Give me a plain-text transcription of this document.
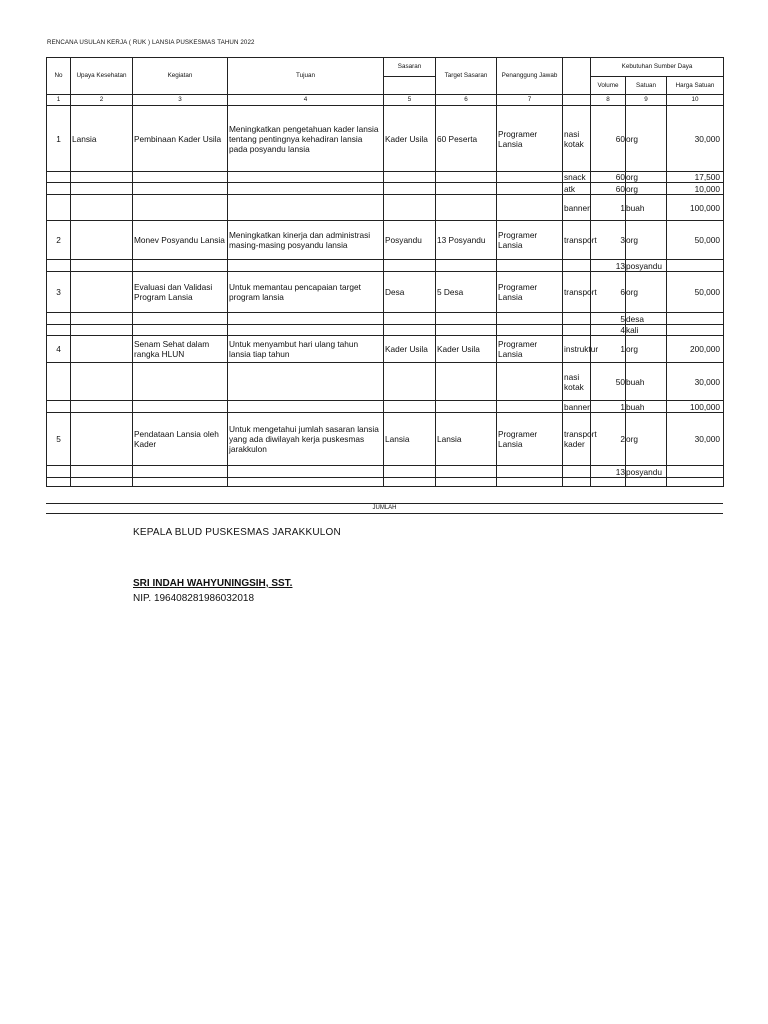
RENCANA USULAN KERJA ( RUK ) LANSIA PUSKESMAS TAHUN 2022
No	Upaya Kesehatan	Kegiatan	Tujuan	Sasaran	Target Sasaran	Penanggung Jawab		Kebutuhan Sumber Daya		
								Volume	Satuan	Harga Satuan
1	2	3	4	5	6	7		8	9	10
1	Lansia	Pembinaan Kader Usila	Meningkatkan pengetahuan kader lansia tentang pentingnya kehadiran lansia pada posyandu lansia	Kader Usila	60 Peserta	Programer Lansia	nasi kotak	60	org	30,000
							snack	60	org	17,500
							atk	60	org	10,000
							banner	1	buah	100,000
2		Monev Posyandu Lansia	Meningkatkan kinerja dan administrasi masing-masing posyandu lansia	Posyandu	13 Posyandu	Programer Lansia	transport	3	org	50,000
								13	posyandu	
3		Evaluasi dan Validasi Program Lansia	Untuk memantau pencapaian target program lansia	Desa	5 Desa	Programer Lansia	transport	6	org	50,000
								5	desa	
								4	kali	
4		Senam Sehat dalam rangka HLUN	Untuk menyambut hari ulang tahun lansia tiap tahun	Kader Usila	Kader Usila	Programer Lansia	instruktur	1	org	200,000
							nasi kotak	50	buah	30,000
							banner	1	buah	100,000
5		Pendataan Lansia oleh Kader	Untuk mengetahui jumlah sasaran lansia yang ada diwilayah kerja puskesmas jarakkulon	Lansia	Lansia	Programer Lansia	transport kader	2	org	30,000
								13	posyandu	

JUMLAH
KEPALA BLUD PUSKESMAS JARAKKULON
SRI INDAH WAHYUNINGSIH, SST.
NIP. 196408281986032018
